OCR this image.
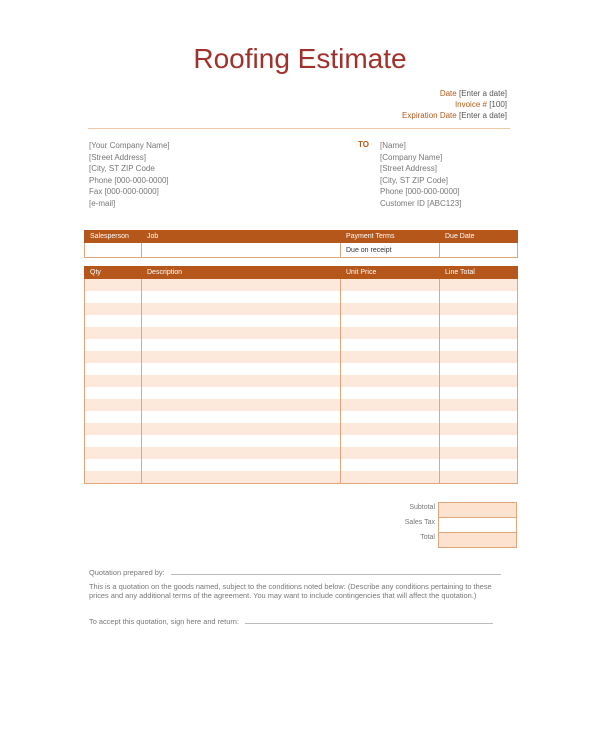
Roofing Estimate
Date [Enter a date]
Invoice # [100]
Expiration Date [Enter a date]
[Your Company Name]
[Street Address]
[City, ST ZIP Code
Phone [000-000-0000]
Fax [000-000-0000]
[e-mail]
TO [Name]
[Company Name]
[Street Address]
[City, ST ZIP Code]
Phone [000-000-0000]
Customer ID [ABC123]
Salesperson	Job	Payment Terms	Due Date
		Due on receipt	
Qty	Description	Unit Price	Line Total

Subtotal
Sales Tax
Total
Quotation prepared by:
This is a quotation on the goods named, subject to the conditions noted below: (Describe any conditions pertaining to these prices and any additional terms of the agreement. You may want to include contingencies that will affect the quotation.)
To accept this quotation, sign here and return:
